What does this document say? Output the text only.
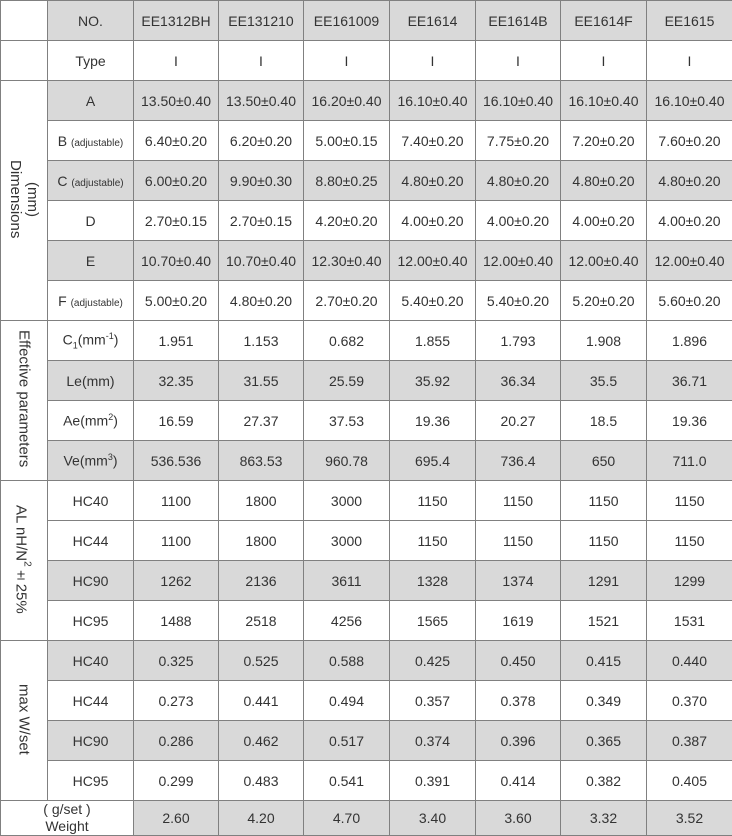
	NO.	EE1312BH	EE131210	EE161009	EE1614	EE1614B	EE1614F	EE1615
	Type	I	I	I	I	I	I	I
(mm)
Dimensions	A	13.50±0.40	13.50±0.40	16.20±0.40	16.10±0.40	16.10±0.40	16.10±0.40	16.10±0.40
	B (adjustable)	6.40±0.20	6.20±0.20	5.00±0.15	7.40±0.20	7.75±0.20	7.20±0.20	7.60±0.20
	C (adjustable)	6.00±0.20	9.90±0.30	8.80±0.25	4.80±0.20	4.80±0.20	4.80±0.20	4.80±0.20
	D	2.70±0.15	2.70±0.15	4.20±0.20	4.00±0.20	4.00±0.20	4.00±0.20	4.00±0.20
	E	10.70±0.40	10.70±0.40	12.30±0.40	12.00±0.40	12.00±0.40	12.00±0.40	12.00±0.40
	F (adjustable)	5.00±0.20	4.80±0.20	2.70±0.20	5.40±0.20	5.40±0.20	5.20±0.20	5.60±0.20
Effective parameters	$C_1(mm^{-1})$	1.951	1.153	0.682	1.855	1.793	1.908	1.896
	Le(mm)	32.35	31.55	25.59	35.92	36.34	35.5	36.71
	$Ae(mm^2)$	16.59	27.37	37.53	19.36	20.27	18.5	19.36
	$Ve(mm^3)$	536.536	863.53	960.78	695.4	736.4	650	711.0
AL $nH/N^2\pm 25\%$	HC40	1100	1800	3000	1150	1150	1150	1150
	HC44	1100	1800	3000	1150	1150	1150	1150
	HC90	1262	2136	3611	1328	1374	1291	1299
	HC95	1488	2518	4256	1565	1619	1521	1531
max W/set	HC40	0.325	0.525	0.588	0.425	0.450	0.415	0.440
	HC44	0.273	0.441	0.494	0.357	0.378	0.349	0.370
	HC90	0.286	0.462	0.517	0.374	0.396	0.365	0.387
	HC95	0.299	0.483	0.541	0.391	0.414	0.382	0.405
( g/set )
Weight		2.60	4.20	4.70	3.40	3.60	3.32	3.52
